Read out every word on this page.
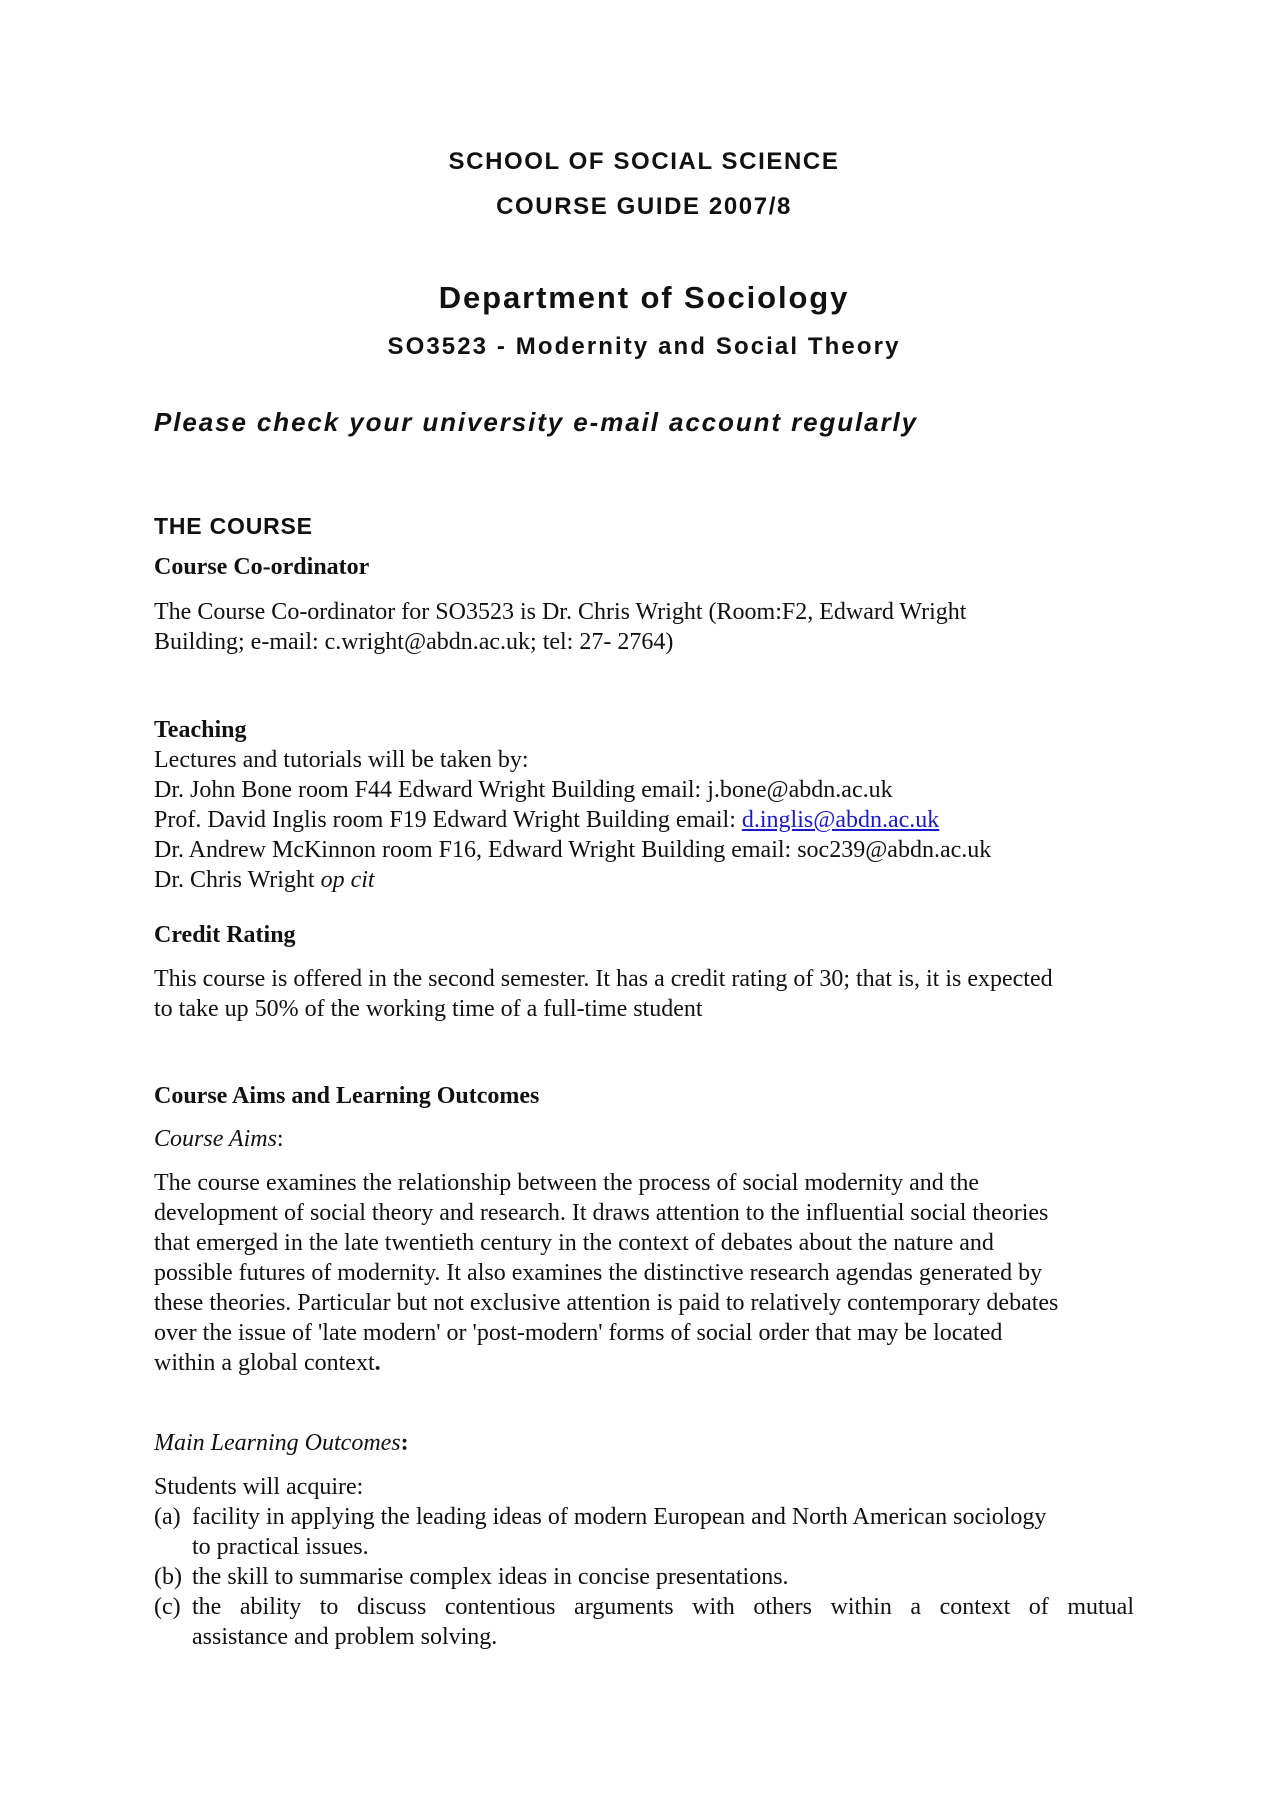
SCHOOL OF SOCIAL SCIENCE
COURSE GUIDE 2007/8
Department of Sociology
SO3523 - Modernity and Social Theory
Please check your university e-mail account regularly
THE COURSE
Course Co-ordinator
The Course Co-ordinator for SO3523 is Dr. Chris Wright (Room:F2, Edward Wright
Building; e-mail: c.wright@abdn.ac.uk; tel: 27- 2764)
Teaching
Lectures and tutorials will be taken by:
Dr. John Bone room F44 Edward Wright Building email: j.bone@abdn.ac.uk
Prof. David Inglis room F19 Edward Wright Building email: d.inglis@abdn.ac.uk
Dr. Andrew McKinnon room F16, Edward Wright Building email: soc239@abdn.ac.uk
Dr. Chris Wright op cit
Credit Rating
This course is offered in the second semester. It has a credit rating of 30; that is, it is expected
to take up 50% of the working time of a full-time student
Course Aims and Learning Outcomes
Course Aims:
The course examines the relationship between the process of social modernity and the
development of social theory and research. It draws attention to the influential social theories
that emerged in the late twentieth century in the context of debates about the nature and
possible futures of modernity. It also examines the distinctive research agendas generated by
these theories. Particular but not exclusive attention is paid to relatively contemporary debates
over the issue of 'late modern' or 'post-modern' forms of social order that may be located
within a global context.
Main Learning Outcomes:
Students will acquire:
(a) facility in applying the leading ideas of modern European and North American sociology
to practical issues.
(b) the skill to summarise complex ideas in concise presentations.
(c) the ability to discuss contentious arguments with others within a context of mutual
assistance and problem solving.
